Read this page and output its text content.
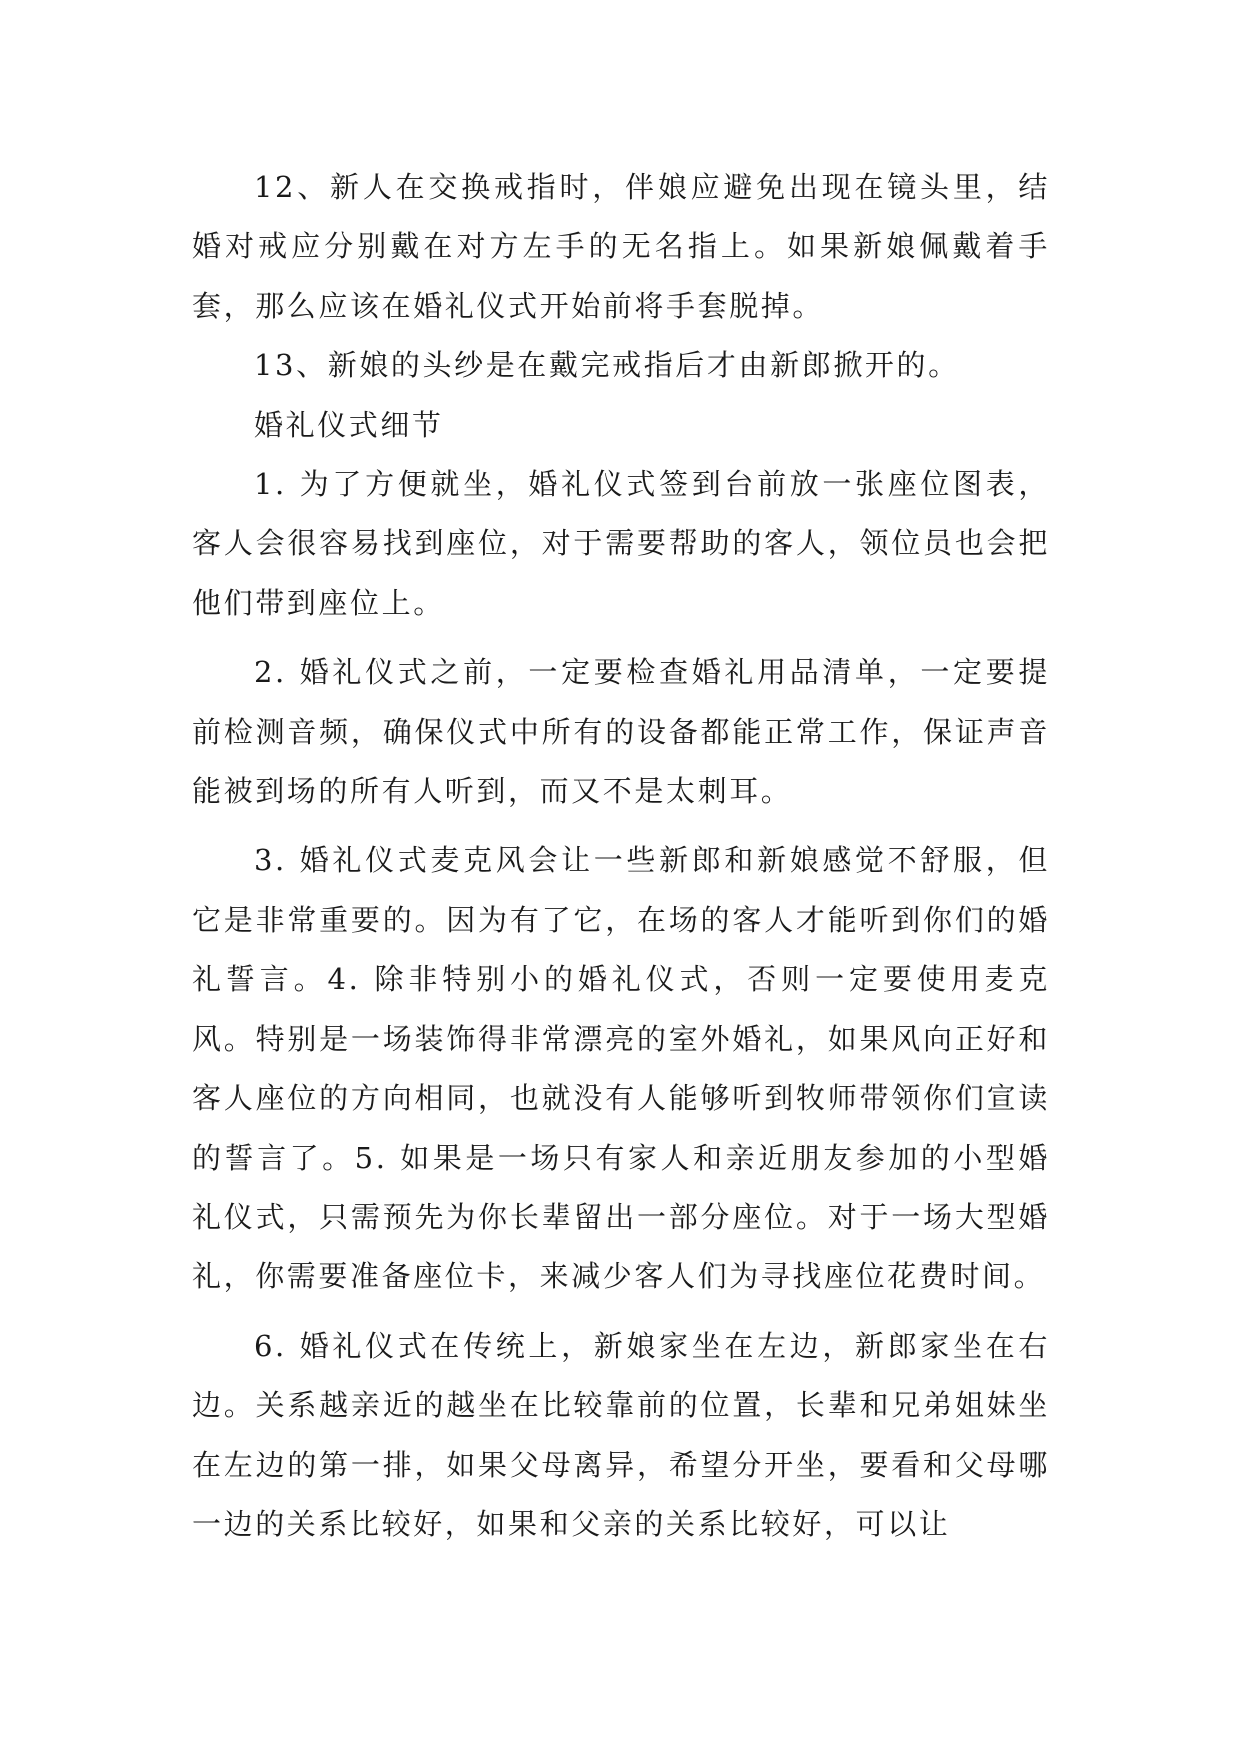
12、新人在交换戒指时，伴娘应避免出现在镜头里，结婚对戒应分别戴在对方左手的无名指上。如果新娘佩戴着手套，那么应该在婚礼仪式开始前将手套脱掉。

13、新娘的头纱是在戴完戒指后才由新郎掀开的。

婚礼仪式细节

1. 为了方便就坐，婚礼仪式签到台前放一张座位图表，客人会很容易找到座位，对于需要帮助的客人，领位员也会把他们带到座位上。

2. 婚礼仪式之前，一定要检查婚礼用品清单，一定要提前检测音频，确保仪式中所有的设备都能正常工作，保证声音能被到场的所有人听到，而又不是太刺耳。

3. 婚礼仪式麦克风会让一些新郎和新娘感觉不舒服，但它是非常重要的。因为有了它，在场的客人才能听到你们的婚礼誓言。4. 除非特别小的婚礼仪式，否则一定要使用麦克风。特别是一场装饰得非常漂亮的室外婚礼，如果风向正好和客人座位的方向相同，也就没有人能够听到牧师带领你们宣读的誓言了。5. 如果是一场只有家人和亲近朋友参加的小型婚礼仪式，只需预先为你长辈留出一部分座位。对于一场大型婚礼，你需要准备座位卡，来减少客人们为寻找座位花费时间。

6. 婚礼仪式在传统上，新娘家坐在左边，新郎家坐在右边。关系越亲近的越坐在比较靠前的位置，长辈和兄弟姐妹坐在左边的第一排，如果父母离异，希望分开坐，要看和父母哪一边的关系比较好，如果和父亲的关系比较好，可以让
